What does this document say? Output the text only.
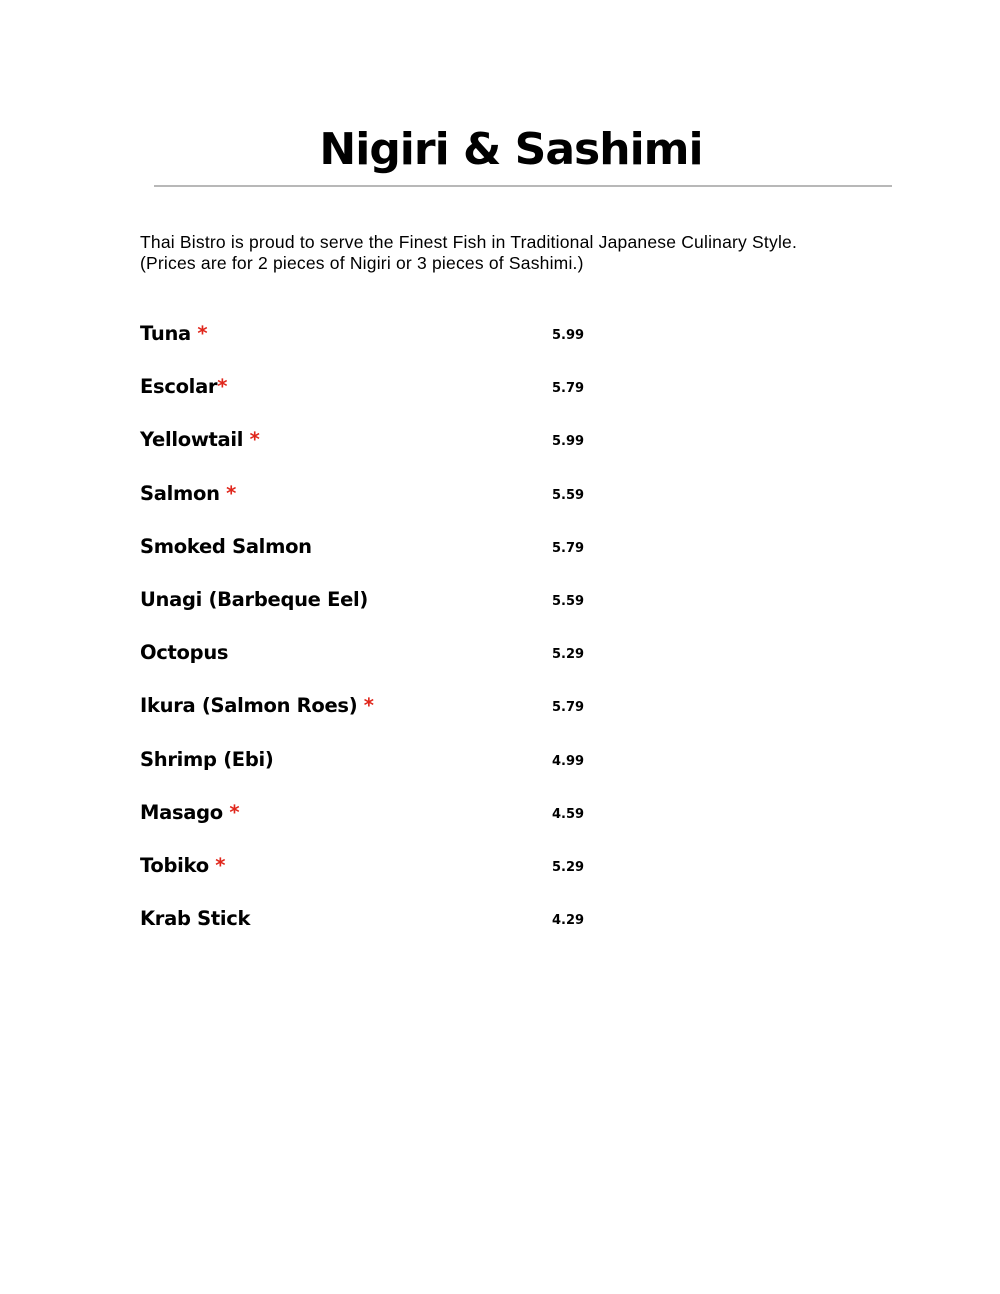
Nigiri & Sashimi

Thai Bistro is proud to serve the Finest Fish in Traditional Japanese Culinary Style.

(Prices are for 2 pieces of Nigiri or 3 pieces of Sashimi.)

Tuna *	5.99
Escolar*	5.79
Yellowtail *	5.99
Salmon *	5.59
Smoked Salmon	5.79
Unagi (Barbeque Eel)	5.59
Octopus	5.29
Ikura (Salmon Roes) *	5.79
Shrimp (Ebi)	4.99
Masago *	4.59
Tobiko *	5.29
Krab Stick	4.29
